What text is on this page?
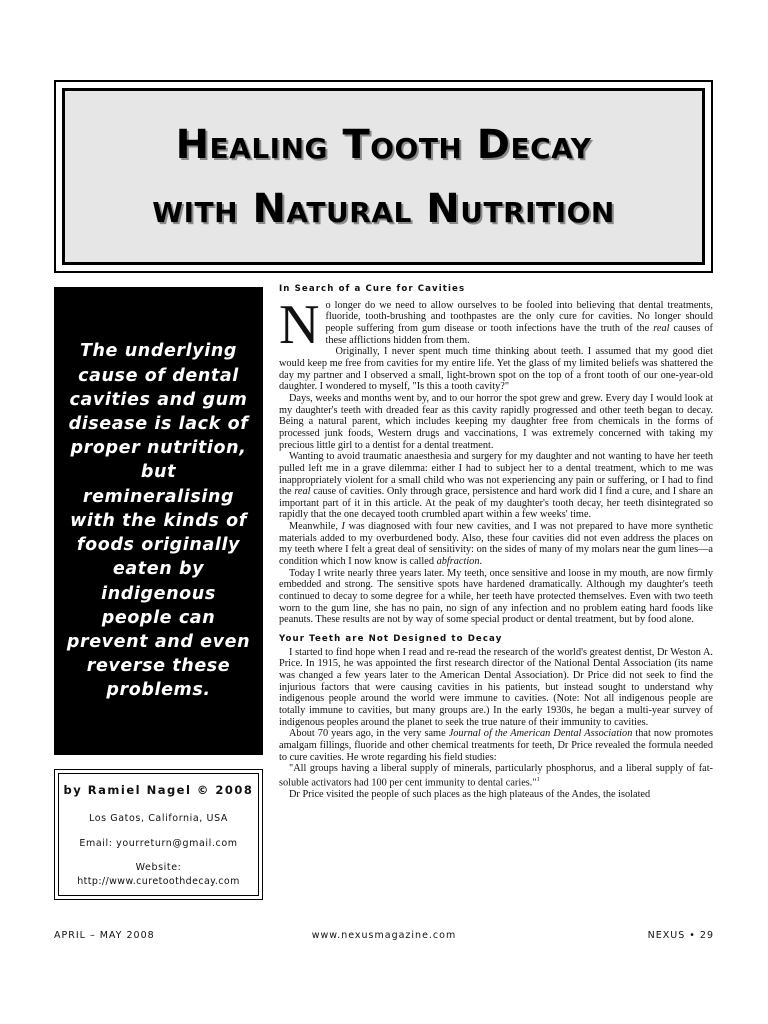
Healing Tooth Decay
with Natural Nutrition

The underlying cause of dental cavities and gum disease is lack of proper nutrition, but remineralising with the kinds of foods originally eaten by indigenous people can prevent and even reverse these problems.

by Ramiel Nagel © 2008
Los Gatos, California, USA
Email: yourreturn@gmail.com
Website:
http://www.curetoothdecay.com
In Search of a Cure for Cavities

No longer do we need to allow ourselves to be fooled into believing that dental treatments, fluoride, tooth-brushing and toothpastes are the only cure for cavities. No longer should people suffering from gum disease or tooth infections have the truth of the real causes of these afflictions hidden from them.

Originally, I never spent much time thinking about teeth. I assumed that my good diet would keep me free from cavities for my entire life. Yet the glass of my limited beliefs was shattered the day my partner and I observed a small, light-brown spot on the top of a front tooth of our one-year-old daughter. I wondered to myself, "Is this a tooth cavity?"

Days, weeks and months went by, and to our horror the spot grew and grew. Every day I would look at my daughter's teeth with dreaded fear as this cavity rapidly progressed and other teeth began to decay. Being a natural parent, which includes keeping my daughter free from chemicals in the forms of processed junk foods, Western drugs and vaccinations, I was extremely concerned with taking my precious little girl to a dentist for a dental treatment.

Wanting to avoid traumatic anaesthesia and surgery for my daughter and not wanting to have her teeth pulled left me in a grave dilemma: either I had to subject her to a dental treatment, which to me was inappropriately violent for a small child who was not experiencing any pain or suffering, or I had to find the real cause of cavities. Only through grace, persistence and hard work did I find a cure, and I share an important part of it in this article. At the peak of my daughter's tooth decay, her teeth disintegrated so rapidly that the one decayed tooth crumbled apart within a few weeks' time.

Meanwhile, I was diagnosed with four new cavities, and I was not prepared to have more synthetic materials added to my overburdened body. Also, these four cavities did not even address the places on my teeth where I felt a great deal of sensitivity: on the sides of many of my molars near the gum lines—a condition which I now know is called abfraction.

Today I write nearly three years later. My teeth, once sensitive and loose in my mouth, are now firmly embedded and strong. The sensitive spots have hardened dramatically. Although my daughter's teeth continued to decay to some degree for a while, her teeth have protected themselves. Even with two teeth worn to the gum line, she has no pain, no sign of any infection and no problem eating hard foods like peanuts. These results are not by way of some special product or dental treatment, but by food alone.

Your Teeth are Not Designed to Decay

I started to find hope when I read and re-read the research of the world's greatest dentist, Dr Weston A. Price. In 1915, he was appointed the first research director of the National Dental Association (its name was changed a few years later to the American Dental Association). Dr Price did not seek to find the injurious factors that were causing cavities in his patients, but instead sought to understand why indigenous people around the world were immune to cavities. (Note: Not all indigenous people are totally immune to cavities, but many groups are.) In the early 1930s, he began a multi-year survey of indigenous peoples around the planet to seek the true nature of their immunity to cavities.

About 70 years ago, in the very same Journal of the American Dental Association that now promotes amalgam fillings, fluoride and other chemical treatments for teeth, Dr Price revealed the formula needed to cure cavities. He wrote regarding his field studies:

"All groups having a liberal supply of minerals, particularly phosphorus, and a liberal supply of fat-soluble activators had 100 per cent immunity to dental caries."$^1$

Dr Price visited the people of such places as the high plateaus of the Andes, the isolated

APRIL – MAY 2008	www.nexusmagazine.com	NEXUS • 29
